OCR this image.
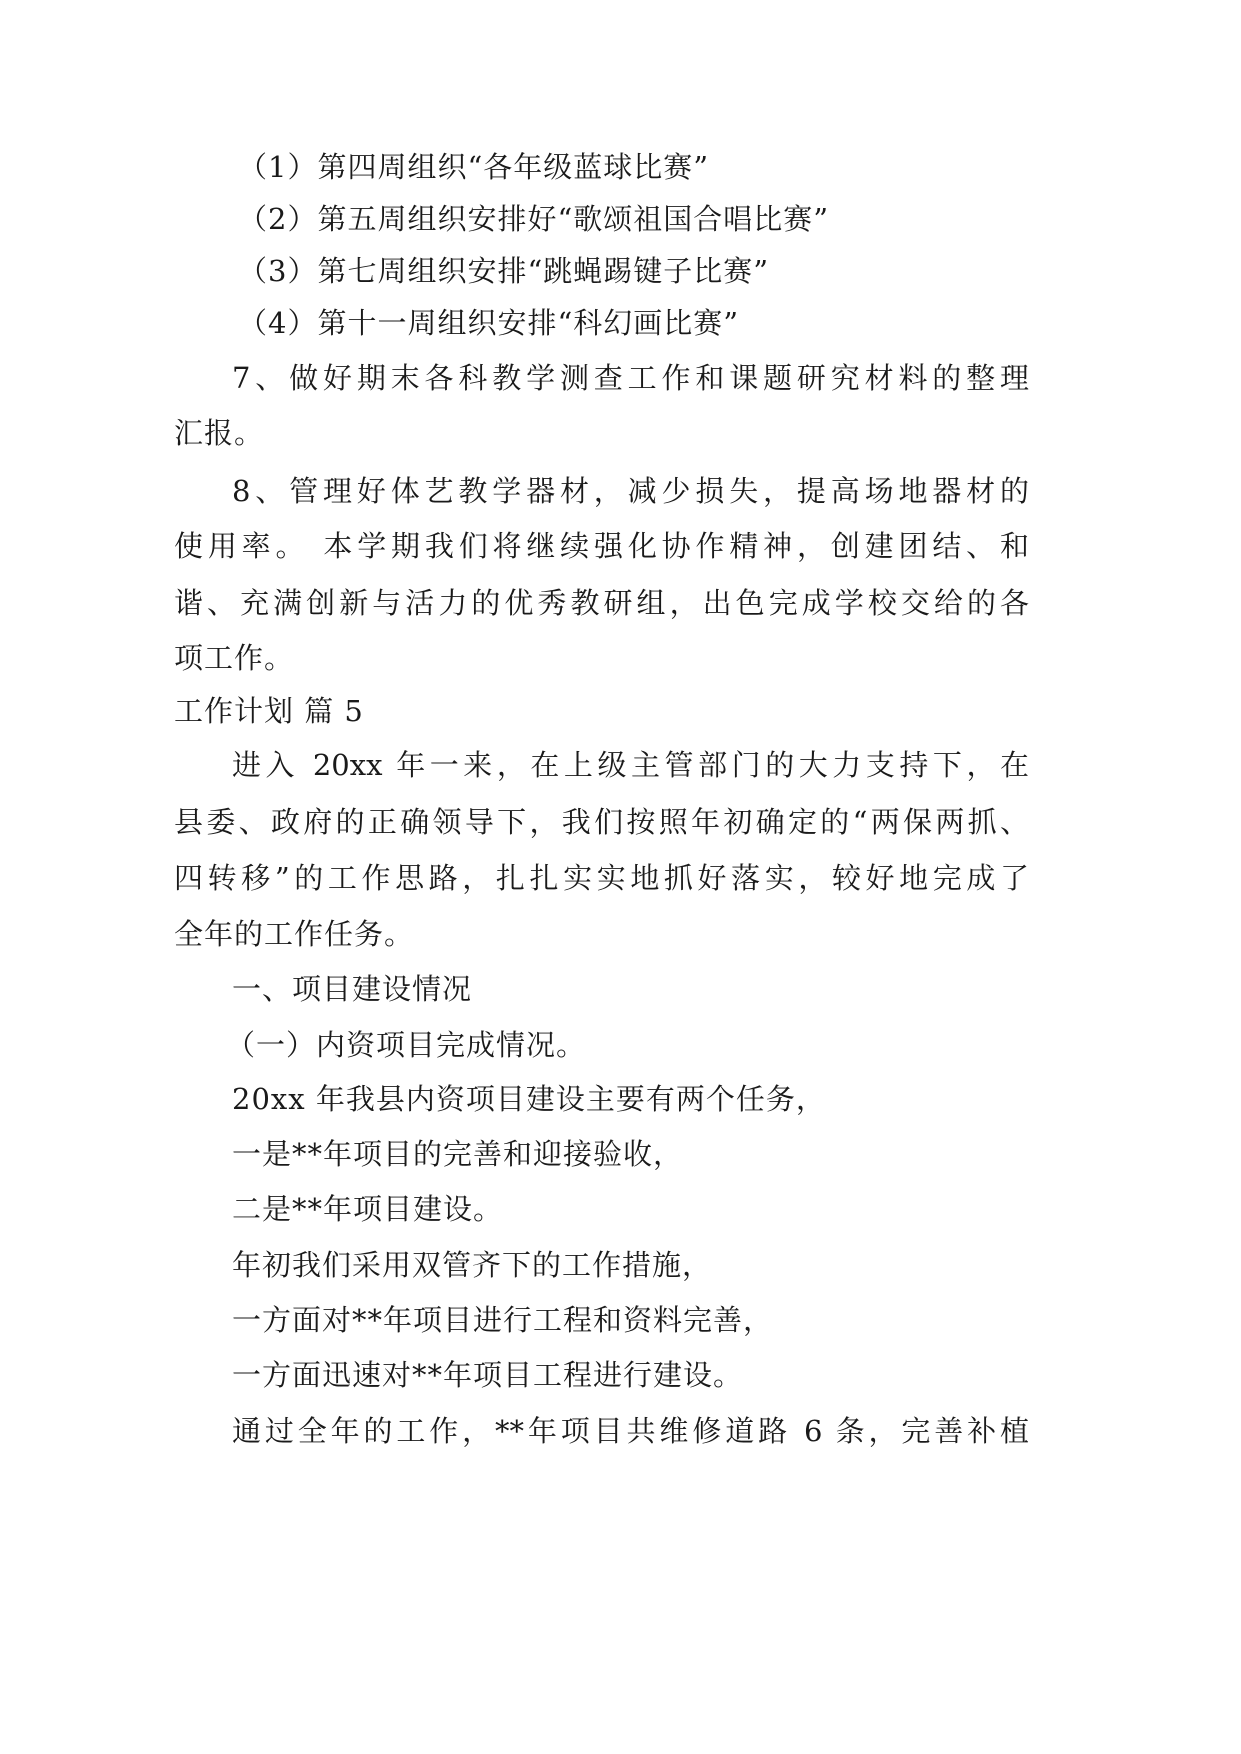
（1）第四周组织“各年级蓝球比赛”
（2）第五周组织安排好“歌颂祖国合唱比赛”
（3）第七周组织安排“跳蝇踢键子比赛”
（4）第十一周组织安排“科幻画比赛”
7、做好期末各科教学测查工作和课题研究材料的整理
汇报。
8、管理好体艺教学器材，减少损失，提高场地器材的
使用率。 本学期我们将继续强化协作精神，创建团结、和
谐、充满创新与活力的优秀教研组，出色完成学校交给的各
项工作。
工作计划 篇 5
进入 20xx 年一来，在上级主管部门的大力支持下，在
县委、政府的正确领导下，我们按照年初确定的“两保两抓、
四转移”的工作思路，扎扎实实地抓好落实，较好地完成了
全年的工作任务。
一、项目建设情况
（一）内资项目完成情况。
20xx 年我县内资项目建设主要有两个任务，
一是**年项目的完善和迎接验收，
二是**年项目建设。
年初我们采用双管齐下的工作措施，
一方面对**年项目进行工程和资料完善，
一方面迅速对**年项目工程进行建设。
通过全年的工作，**年项目共维修道路 6 条，完善补植
